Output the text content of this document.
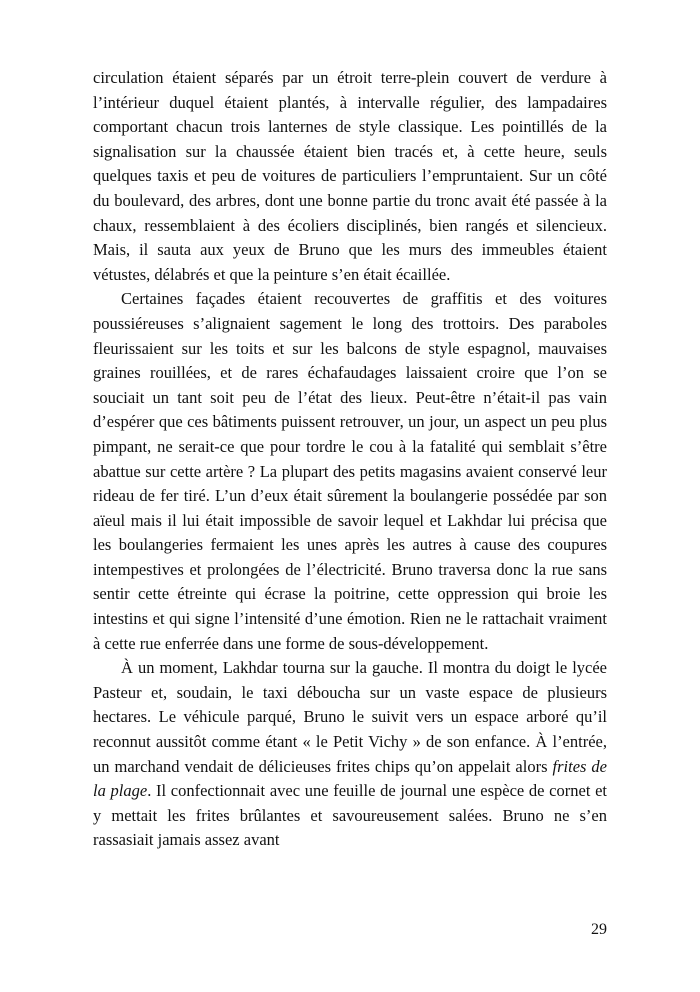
circulation étaient séparés par un étroit terre-plein couvert de verdure à l’intérieur duquel étaient plantés, à intervalle régulier, des lampadaires comportant chacun trois lanternes de style classique. Les pointillés de la signalisation sur la chaussée étaient bien tracés et, à cette heure, seuls quelques taxis et peu de voitures de particuliers l’empruntaient. Sur un côté du boulevard, des arbres, dont une bonne partie du tronc avait été passée à la chaux, ressemblaient à des écoliers disciplinés, bien rangés et silencieux. Mais, il sauta aux yeux de Bruno que les murs des immeubles étaient vétustes, délabrés et que la peinture s’en était écaillée.

Certaines façades étaient recouvertes de graffitis et des voitures poussiéreuses s’alignaient sagement le long des trottoirs. Des paraboles fleurissaient sur les toits et sur les balcons de style espagnol, mauvaises graines rouillées, et de rares échafaudages laissaient croire que l’on se souciait un tant soit peu de l’état des lieux. Peut-être n’était-il pas vain d’espérer que ces bâtiments puissent retrouver, un jour, un aspect un peu plus pimpant, ne serait-ce que pour tordre le cou à la fatalité qui semblait s’être abattue sur cette artère ? La plupart des petits magasins avaient conservé leur rideau de fer tiré. L’un d’eux était sûrement la boulangerie possédée par son aïeul mais il lui était impossible de savoir lequel et Lakhdar lui précisa que les boulangeries fermaient les unes après les autres à cause des coupures intempestives et prolongées de l’électricité. Bruno traversa donc la rue sans sentir cette étreinte qui écrase la poitrine, cette oppression qui broie les intestins et qui signe l’intensité d’une émotion. Rien ne le rattachait vraiment à cette rue enferrée dans une forme de sous-développement.

À un moment, Lakhdar tourna sur la gauche. Il montra du doigt le lycée Pasteur et, soudain, le taxi déboucha sur un vaste espace de plusieurs hectares. Le véhicule parqué, Bruno le suivit vers un espace arboré qu’il reconnut aussitôt comme étant « le Petit Vichy » de son enfance. À l’entrée, un marchand vendait de délicieuses frites chips qu’on appelait alors frites de la plage. Il confectionnait avec une feuille de journal une espèce de cornet et y mettait les frites brûlantes et savoureusement salées. Bruno ne s’en rassasiait jamais assez avant

29
